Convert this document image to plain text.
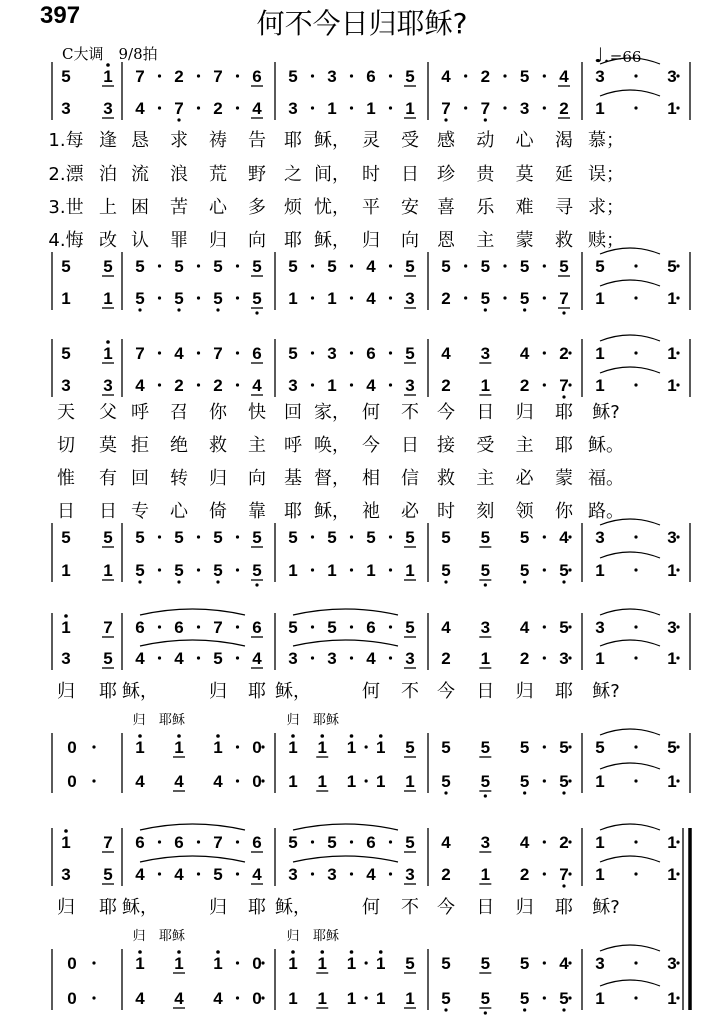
397	何不今日归耶稣?
C大调　9/8拍	♩.=66
5 1 7 2 7 6 5 3 6 5 4 2 5 4 3	3
3 3 4 7 2 4 3 1 1 1 7 7 3 2 1	1
1.每 逢 恳 求 祷 告 耶 稣， 灵 受 感 动 心 渴 慕；
2.漂 泊 流 浪 荒 野 之 间， 时 日 珍 贵 莫 延 误；
3.世 上 困 苦 心 多 烦 忧， 平 安 喜 乐 难 寻 求；
4.悔 改 认 罪 归 向 耶 稣， 归 向 恩 主 蒙 救 赎；
5 5 5 5 5 5 5 5 4 5 5 5 5 5 5	5
1 1 5 5 5 5 1 1 4 3 2 5 5 7 1	1
5 1 7 4 7 6 5 3 6 5 4 3 4 2 1	1
3 3 4 2 2 4 3 1 4 3 2 1 2 7 1	1
天 父 呼 召 你 快 回 家， 何 不 今 日 归 耶 稣?
切 莫 拒 绝 救 主 呼 唤， 今 日 接 受 主 耶 稣。
惟 有 回 转 归 向 基 督， 相 信 救 主 必 蒙 福。
日 日 专 心 倚 靠 耶 稣， 祂 必 时 刻 领 你 路。
5 5 5 5 5 5 5 5 5 5 5 5 5 4 3	3
1 1 5 5 5 5 1 1 1 1 5 5 5 5 1	1
1 7 6 6 7 6 5 5 6 5 4 3 4 5 3	3
3 5 4 4 5 4 3 3 4 3 2 1 2 3 1	1
归 耶 稣，	归 耶 稣，	何 不 今 日 归 耶 稣?
归 耶稣	归 耶稣
0	1 1 1 0 1 1 1 1 5 5 5 5 5 5	5
0	4 4 4 0 1 1 1 1 1 5 5 5 5 1	1
1 7 6 6 7 6 5 5 6 5 4 3 4 2 1	1
3 5 4 4 5 4 3 3 4 3 2 1 2 7 1	1
归 耶 稣，	归 耶 稣，	何 不 今 日 归 耶 稣?
归 耶稣	归 耶稣
0	1 1 1 0 1 1 1 1 5 5 5 5 4 3	3
0	4 4 4 0 1 1 1 1 1 5 5 5 5 1	1
